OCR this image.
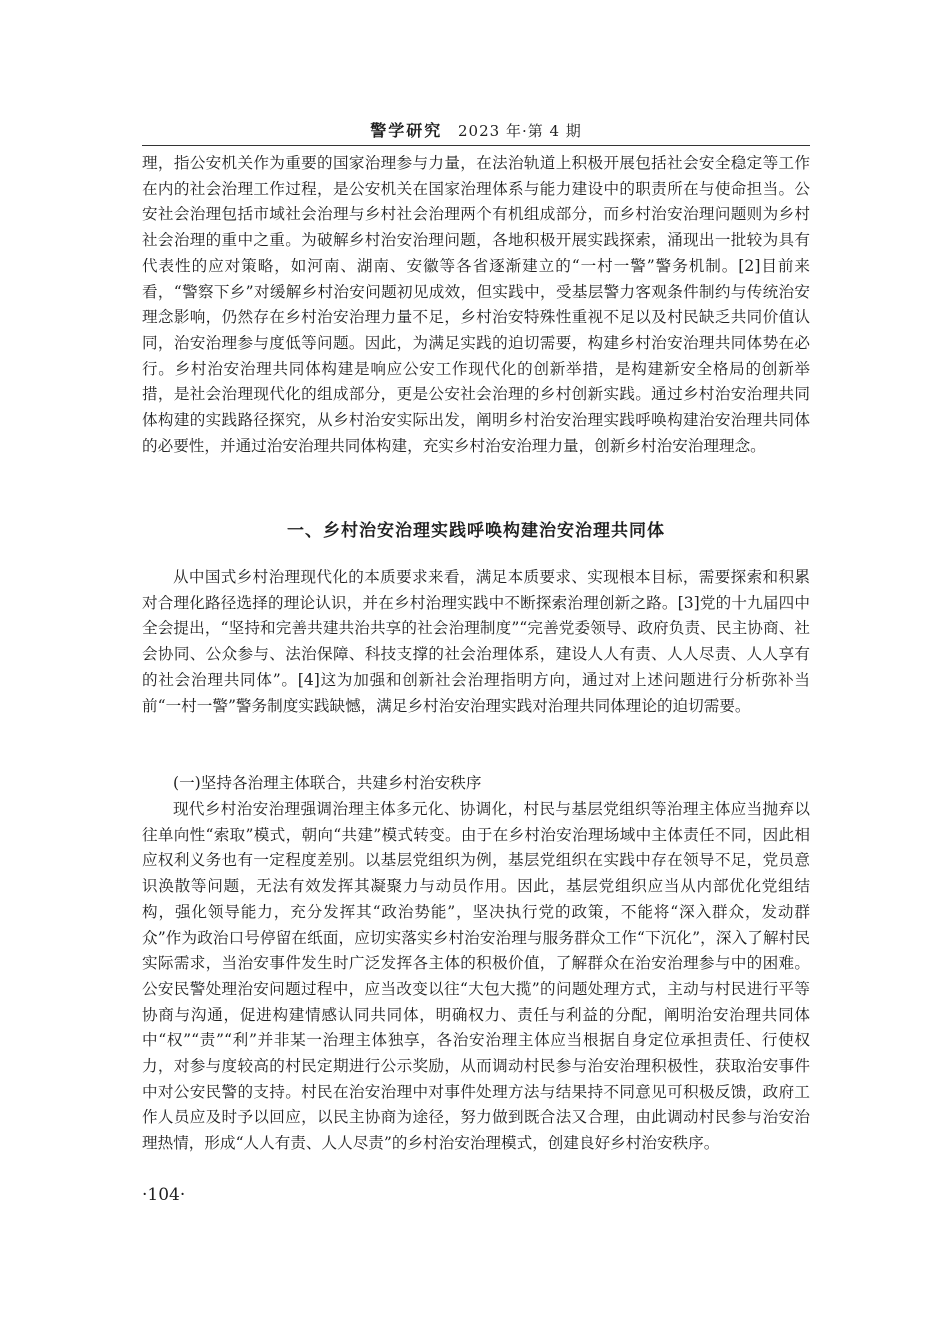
警学研究 2023 年·第 4 期

理，指公安机关作为重要的国家治理参与力量，在法治轨道上积极开展包括社会安全稳定等工作在内的社会治理工作过程，是公安机关在国家治理体系与能力建设中的职责所在与使命担当。公安社会治理包括市域社会治理与乡村社会治理两个有机组成部分，而乡村治安治理问题则为乡村社会治理的重中之重。为破解乡村治安治理问题，各地积极开展实践探索，涌现出一批较为具有代表性的应对策略，如河南、湖南、安徽等各省逐渐建立的“一村一警”警务机制。[2]目前来看，“警察下乡”对缓解乡村治安问题初见成效，但实践中，受基层警力客观条件制约与传统治安理念影响，仍然存在乡村治安治理力量不足，乡村治安特殊性重视不足以及村民缺乏共同价值认同，治安治理参与度低等问题。因此，为满足实践的迫切需要，构建乡村治安治理共同体势在必行。乡村治安治理共同体构建是响应公安工作现代化的创新举措，是构建新安全格局的创新举措，是社会治理现代化的组成部分，更是公安社会治理的乡村创新实践。通过乡村治安治理共同体构建的实践路径探究，从乡村治安实际出发，阐明乡村治安治理实践呼唤构建治安治理共同体的必要性，并通过治安治理共同体构建，充实乡村治安治理力量，创新乡村治安治理理念。

一、乡村治安治理实践呼唤构建治安治理共同体

从中国式乡村治理现代化的本质要求来看，满足本质要求、实现根本目标，需要探索和积累对合理化路径选择的理论认识，并在乡村治理实践中不断探索治理创新之路。[3]党的十九届四中全会提出，“坚持和完善共建共治共享的社会治理制度”“完善党委领导、政府负责、民主协商、社会协同、公众参与、法治保障、科技支撑的社会治理体系，建设人人有责、人人尽责、人人享有的社会治理共同体”。[4]这为加强和创新社会治理指明方向，通过对上述问题进行分析弥补当前“一村一警”警务制度实践缺憾，满足乡村治安治理实践对治理共同体理论的迫切需要。

(一)坚持各治理主体联合，共建乡村治安秩序

现代乡村治安治理强调治理主体多元化、协调化，村民与基层党组织等治理主体应当抛弃以往单向性“索取”模式，朝向“共建”模式转变。由于在乡村治安治理场域中主体责任不同，因此相应权利义务也有一定程度差别。以基层党组织为例，基层党组织在实践中存在领导不足，党员意识涣散等问题，无法有效发挥其凝聚力与动员作用。因此，基层党组织应当从内部优化党组结构，强化领导能力，充分发挥其“政治势能”，坚决执行党的政策，不能将“深入群众，发动群众”作为政治口号停留在纸面，应切实落实乡村治安治理与服务群众工作“下沉化”，深入了解村民实际需求，当治安事件发生时广泛发挥各主体的积极价值，了解群众在治安治理参与中的困难。公安民警处理治安问题过程中，应当改变以往“大包大揽”的问题处理方式，主动与村民进行平等协商与沟通，促进构建情感认同共同体，明确权力、责任与利益的分配，阐明治安治理共同体中“权”“责”“利”并非某一治理主体独享，各治安治理主体应当根据自身定位承担责任、行使权力，对参与度较高的村民定期进行公示奖励，从而调动村民参与治安治理积极性，获取治安事件中对公安民警的支持。村民在治安治理中对事件处理方法与结果持不同意见可积极反馈，政府工作人员应及时予以回应，以民主协商为途径，努力做到既合法又合理，由此调动村民参与治安治理热情，形成“人人有责、人人尽责”的乡村治安治理模式，创建良好乡村治安秩序。

·104·
